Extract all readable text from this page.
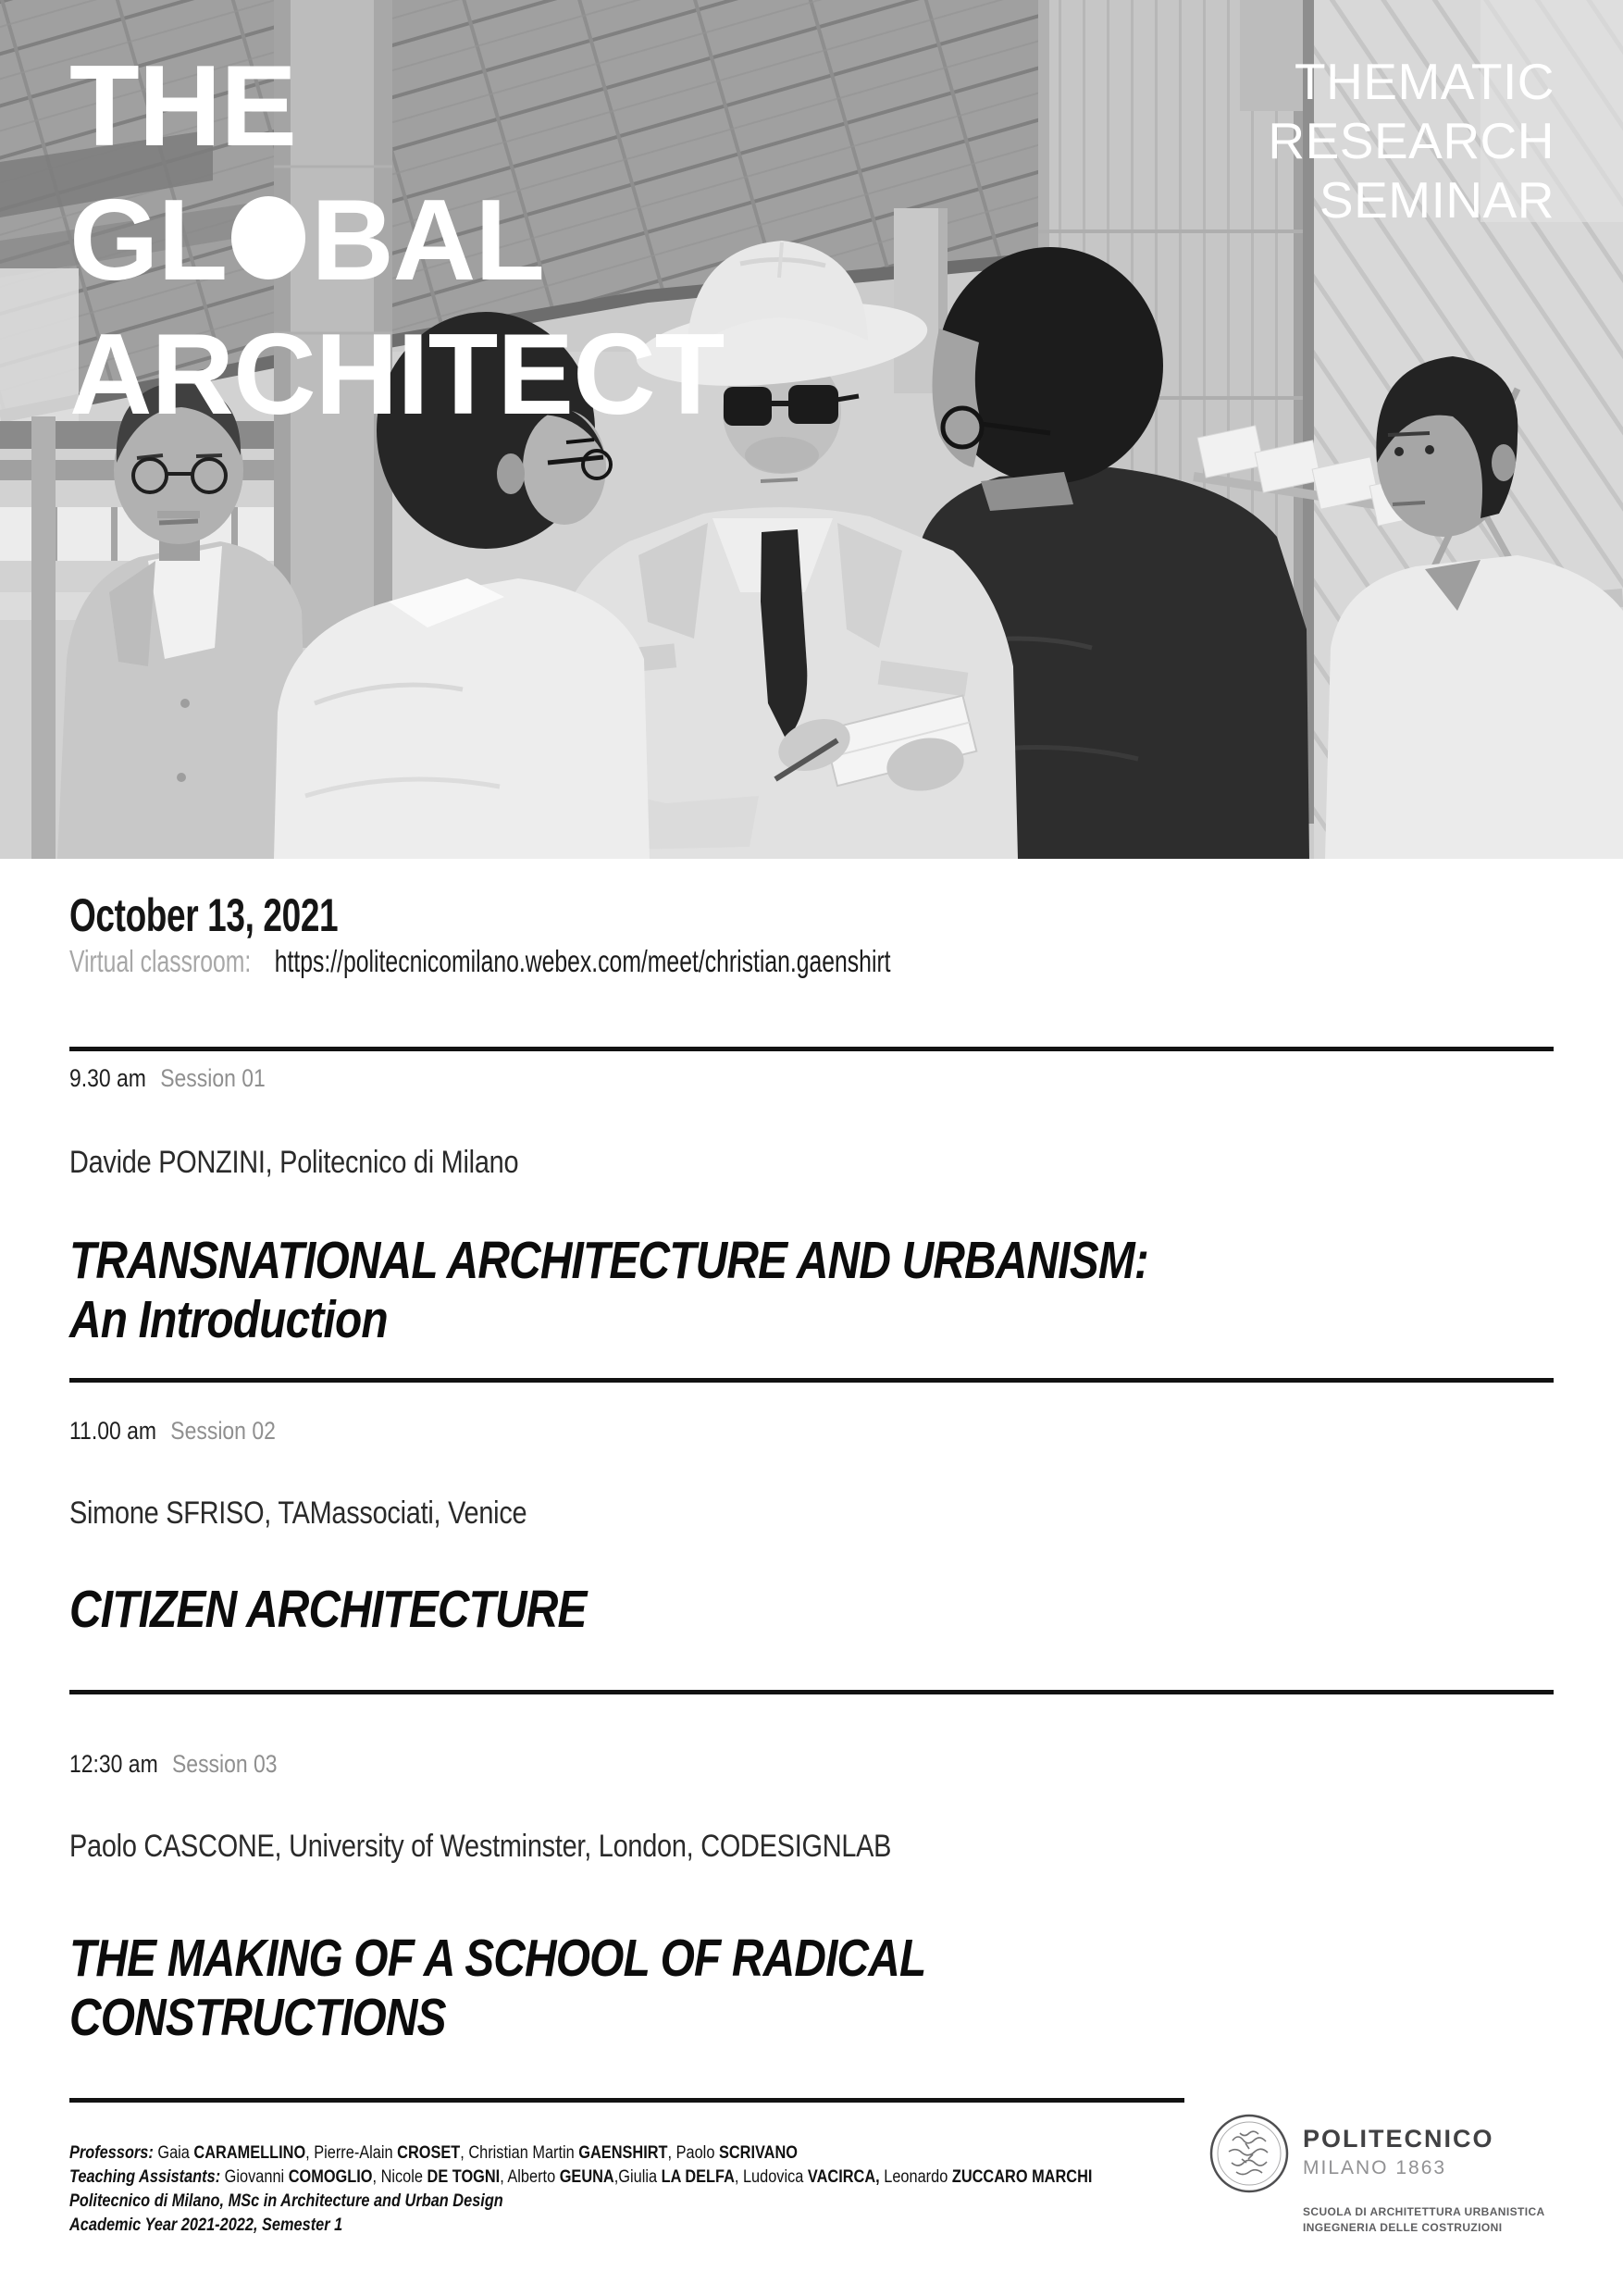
THE
GL BAL
ARCHITECT
THEMATIC
RESEARCH
SEMINAR
October 13, 2021
Virtual classroom: https://politecnicomilano.webex.com/meet/christian.gaenshirt
9.30 am Session 01
Davide PONZINI, Politecnico di Milano
TRANSNATIONAL ARCHITECTURE AND URBANISM:
An Introduction
11.00 am Session 02
Simone SFRISO, TAMassociati, Venice
CITIZEN ARCHITECTURE
12:30 am Session 03
Paolo CASCONE, University of Westminster, London, CODESIGNLAB
THE MAKING OF A SCHOOL OF RADICAL
CONSTRUCTIONS
Professors: Gaia CARAMELLINO, Pierre-Alain CROSET, Christian Martin GAENSHIRT, Paolo SCRIVANO
Teaching Assistants: Giovanni COMOGLIO, Nicole DE TOGNI, Alberto GEUNA,Giulia LA DELFA, Ludovica VACIRCA, Leonardo ZUCCARO MARCHI
Politecnico di Milano, MSc in Architecture and Urban Design
Academic Year 2021-2022, Semester 1
POLITECNICO
MILANO 1863
SCUOLA DI ARCHITETTURA URBANISTICA
INGEGNERIA DELLE COSTRUZIONI
